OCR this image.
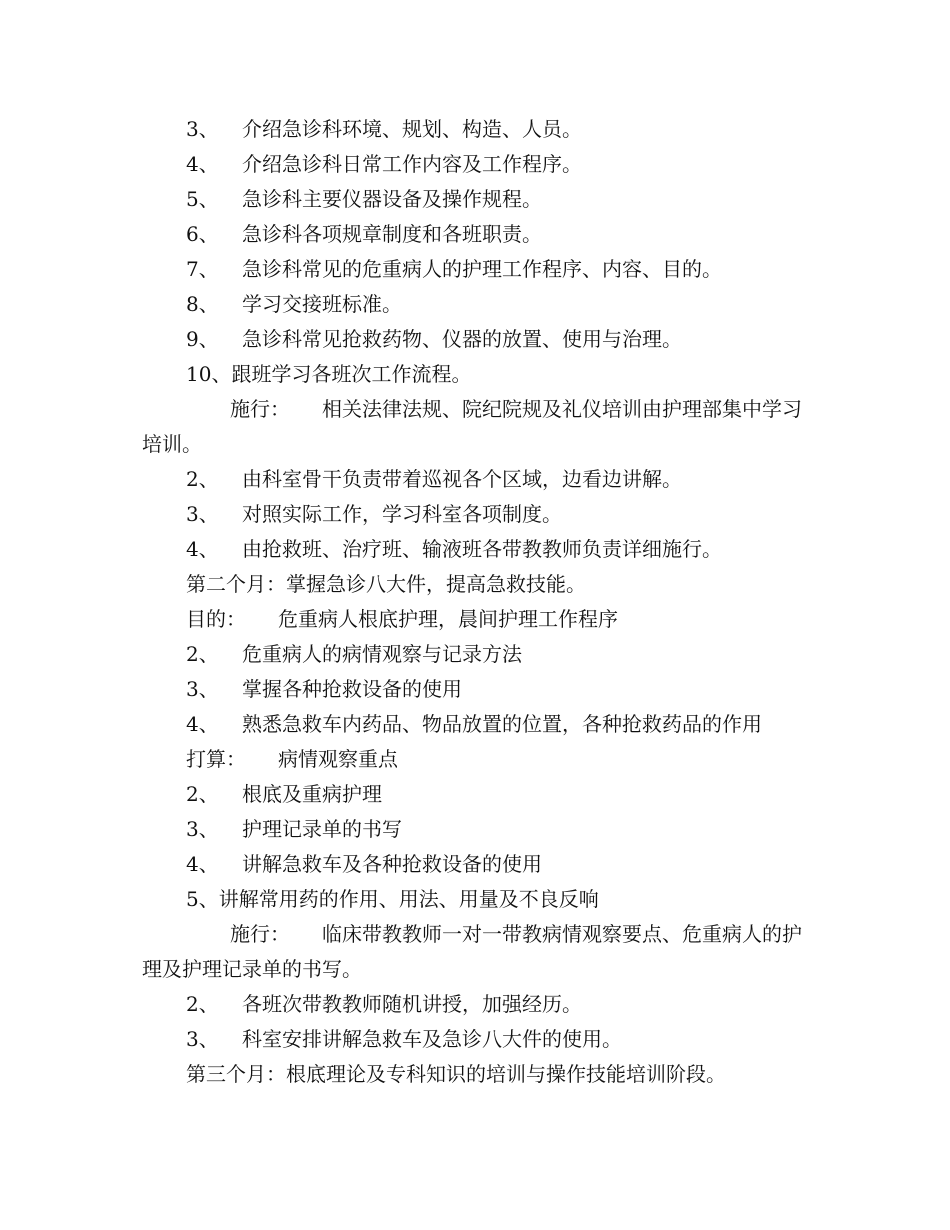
3、 介绍急诊科环境、规划、构造、人员。
4、 介绍急诊科日常工作内容及工作程序。
5、 急诊科主要仪器设备及操作规程。
6、 急诊科各项规章制度和各班职责。
7、 急诊科常见的危重病人的护理工作程序、内容、目的。
8、 学习交接班标准。
9、 急诊科常见抢救药物、仪器的放置、使用与治理。
10、跟班学习各班次工作流程。
施行： 相关法律法规、院纪院规及礼仪培训由护理部集中学习培训。
2、 由科室骨干负责带着巡视各个区域，边看边讲解。
3、 对照实际工作，学习科室各项制度。
4、 由抢救班、治疗班、输液班各带教教师负责详细施行。
第二个月：掌握急诊八大件，提高急救技能。
目的： 危重病人根底护理，晨间护理工作程序
2、 危重病人的病情观察与记录方法
3、 掌握各种抢救设备的使用
4、 熟悉急救车内药品、物品放置的位置，各种抢救药品的作用
打算： 病情观察重点
2、 根底及重病护理
3、 护理记录单的书写
4、 讲解急救车及各种抢救设备的使用
5、讲解常用药的作用、用法、用量及不良反响
施行： 临床带教教师一对一带教病情观察要点、危重病人的护理及护理记录单的书写。
2、 各班次带教教师随机讲授，加强经历。
3、 科室安排讲解急救车及急诊八大件的使用。
第三个月：根底理论及专科知识的培训与操作技能培训阶段。
